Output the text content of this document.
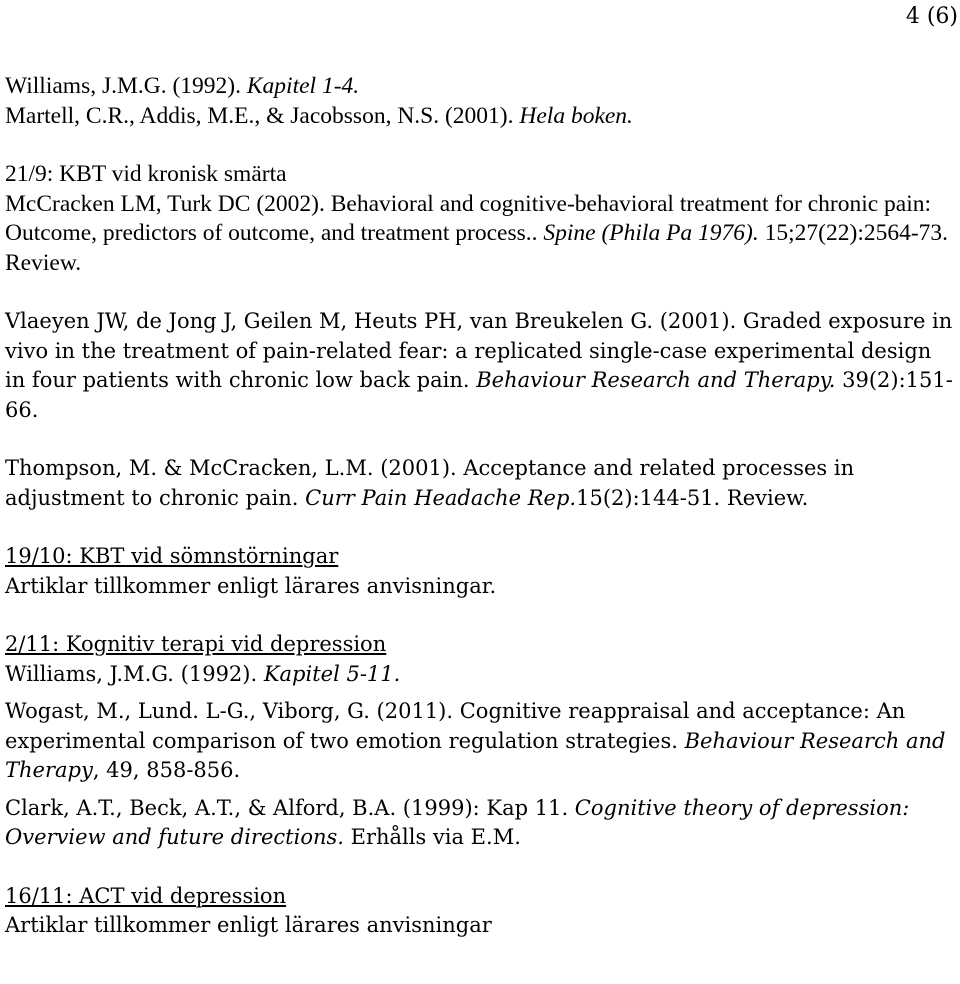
4 (6)

Williams, J.M.G. (1992). Kapitel 1-4.

Martell, C.R., Addis, M.E., & Jacobsson, N.S. (2001). Hela boken.

21/9: KBT vid kronisk smärta

McCracken LM, Turk DC (2002). Behavioral and cognitive-behavioral treatment for chronic pain: Outcome, predictors of outcome, and treatment process.. Spine (Phila Pa 1976). 15;27(22):2564-73. Review.

Vlaeyen JW, de Jong J, Geilen M, Heuts PH, van Breukelen G. (2001). Graded exposure in vivo in the treatment of pain-related fear: a replicated single-case experimental design in four patients with chronic low back pain. Behaviour Research and Therapy. 39(2):151-66.

Thompson, M. & McCracken, L.M. (2001). Acceptance and related processes in adjustment to chronic pain. Curr Pain Headache Rep.15(2):144-51. Review.

19/10: KBT vid sömnstörningar

Artiklar tillkommer enligt lärares anvisningar.

2/11: Kognitiv terapi vid depression

Williams, J.M.G. (1992). Kapitel 5-11.

Wogast, M., Lund. L-G., Viborg, G. (2011). Cognitive reappraisal and acceptance: An experimental comparison of two emotion regulation strategies. Behaviour Research and Therapy, 49, 858-856.

Clark, A.T., Beck, A.T., & Alford, B.A. (1999): Kap 11. Cognitive theory of depression: Overview and future directions. Erhålls via E.M.

16/11: ACT vid depression

Artiklar tillkommer enligt lärares anvisningar
